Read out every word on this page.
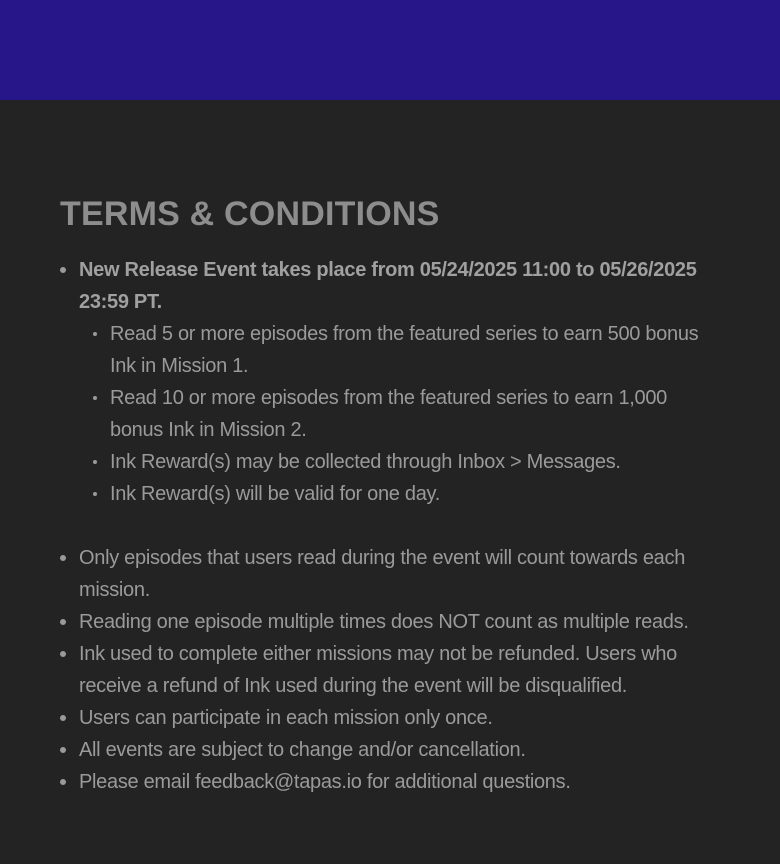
TERMS & CONDITIONS
New Release Event takes place from 05/24/2025 11:00 to 05/26/2025 23:59 PT.
Read 5 or more episodes from the featured series to earn 500 bonus Ink in Mission 1.
Read 10 or more episodes from the featured series to earn 1,000 bonus Ink in Mission 2.
Ink Reward(s) may be collected through Inbox > Messages.
Ink Reward(s) will be valid for one day.
Only episodes that users read during the event will count towards each mission.
Reading one episode multiple times does NOT count as multiple reads.
Ink used to complete either missions may not be refunded. Users who receive a refund of Ink used during the event will be disqualified.
Users can participate in each mission only once.
All events are subject to change and/or cancellation.
Please email feedback@tapas.io for additional questions.
